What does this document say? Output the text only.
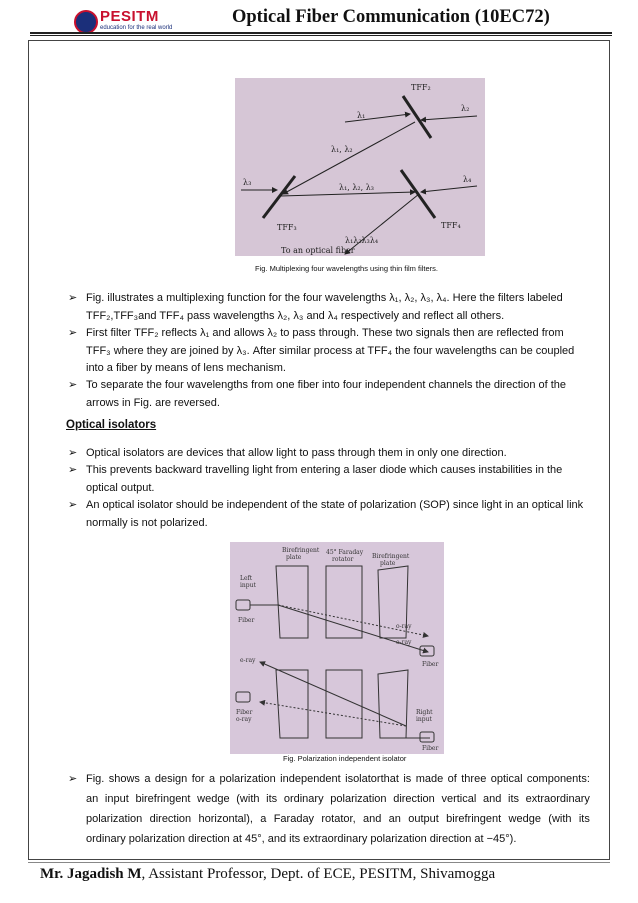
PESITM
education for the real world
Optical Fiber Communication (10EC72)
TFF₂
λ₁
λ₂
λ₁, λ₂
λ₃
λ₁, λ₂, λ₃
λ₄
TFF₃	TFF₄
λ₁λ₂λ₃λ₄
To an optical fiber
Fig. Multiplexing four wavelengths using thin film filters.
➢ Fig. illustrates a multiplexing function for the four wavelengths λ₁, λ₂, λ₃, λ₄. Here the filters labeled
TFF₂,TFF₃and TFF₄ pass wavelengths λ₂, λ₃ and λ₄ respectively and reflect all others.
➢ First filter TFF₂ reflects λ₁ and allows λ₂ to pass through. These two signals then are reflected from
TFF₃ where they are joined by λ₃. After similar process at TFF₄ the four wavelengths can be coupled
into a fiber by means of lens mechanism.
➢ To separate the four wavelengths from one fiber into four independent channels the direction of the
arrows in Fig. are reversed.
Optical isolators
➢ Optical isolators are devices that allow light to pass through them in only one direction.
➢ This prevents backward travelling light from entering a laser diode which causes instabilities in the
optical output.
➢ An optical isolator should be independent of the state of polarization (SOP) since light in an optical link
normally is not polarized.
Birefringent
plate
45° Faraday
rotator	Birefringent
plate
Left
input
Fiber
o-ray
e-ray
Fiber
e-ray
Fiber
o-ray
Right
input
Fiber
Fig. Polarization independent isolator
➢ Fig. shows a design for a polarization independent isolatorthat is made of three optical components:
an input birefringent wedge (with its ordinary polarization direction vertical and its extraordinary
polarization direction horizontal), a Faraday rotator, and an output birefringent wedge (with its
ordinary polarization direction at 45°, and its extraordinary polarization direction at −45°).
Mr. Jagadish M, Assistant Professor, Dept. of ECE, PESITM, Shivamogga
